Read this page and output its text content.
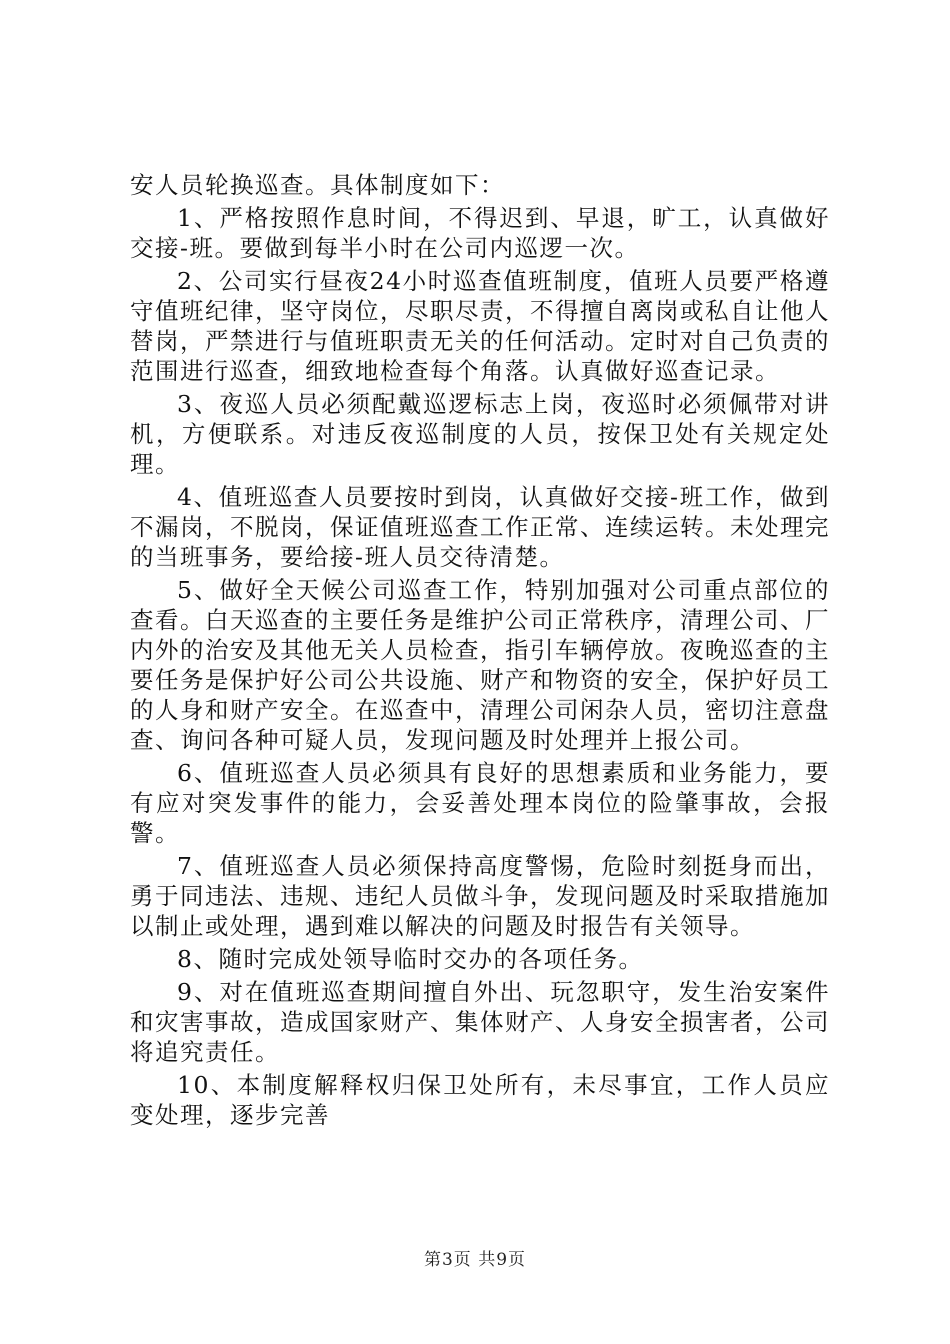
安人员轮换巡查。具体制度如下：

1、严格按照作息时间，不得迟到、早退，旷工，认真做好交接-班。要做到每半小时在公司内巡逻一次。

2、公司实行昼夜24小时巡查值班制度，值班人员要严格遵守值班纪律，坚守岗位，尽职尽责，不得擅自离岗或私自让他人替岗，严禁进行与值班职责无关的任何活动。定时对自己负责的范围进行巡查，细致地检查每个角落。认真做好巡查记录。

3、夜巡人员必须配戴巡逻标志上岗，夜巡时必须佩带对讲机，方便联系。对违反夜巡制度的人员，按保卫处有关规定处理。

4、值班巡查人员要按时到岗，认真做好交接-班工作，做到不漏岗，不脱岗，保证值班巡查工作正常、连续运转。未处理完的当班事务，要给接-班人员交待清楚。

5、做好全天候公司巡查工作，特别加强对公司重点部位的查看。白天巡查的主要任务是维护公司正常秩序，清理公司、厂内外的治安及其他无关人员检查，指引车辆停放。夜晚巡查的主要任务是保护好公司公共设施、财产和物资的安全，保护好员工的人身和财产安全。在巡查中，清理公司闲杂人员，密切注意盘查、询问各种可疑人员，发现问题及时处理并上报公司。

6、值班巡查人员必须具有良好的思想素质和业务能力，要有应对突发事件的能力，会妥善处理本岗位的险肇事故，会报警。

7、值班巡查人员必须保持高度警惕，危险时刻挺身而出，勇于同违法、违规、违纪人员做斗争，发现问题及时采取措施加以制止或处理，遇到难以解决的问题及时报告有关领导。

8、随时完成处领导临时交办的各项任务。

9、对在值班巡查期间擅自外出、玩忽职守，发生治安案件和灾害事故，造成国家财产、集体财产、人身安全损害者，公司将追究责任。

10、本制度解释权归保卫处所有，未尽事宜，工作人员应变处理，逐步完善

第3页 共9页
